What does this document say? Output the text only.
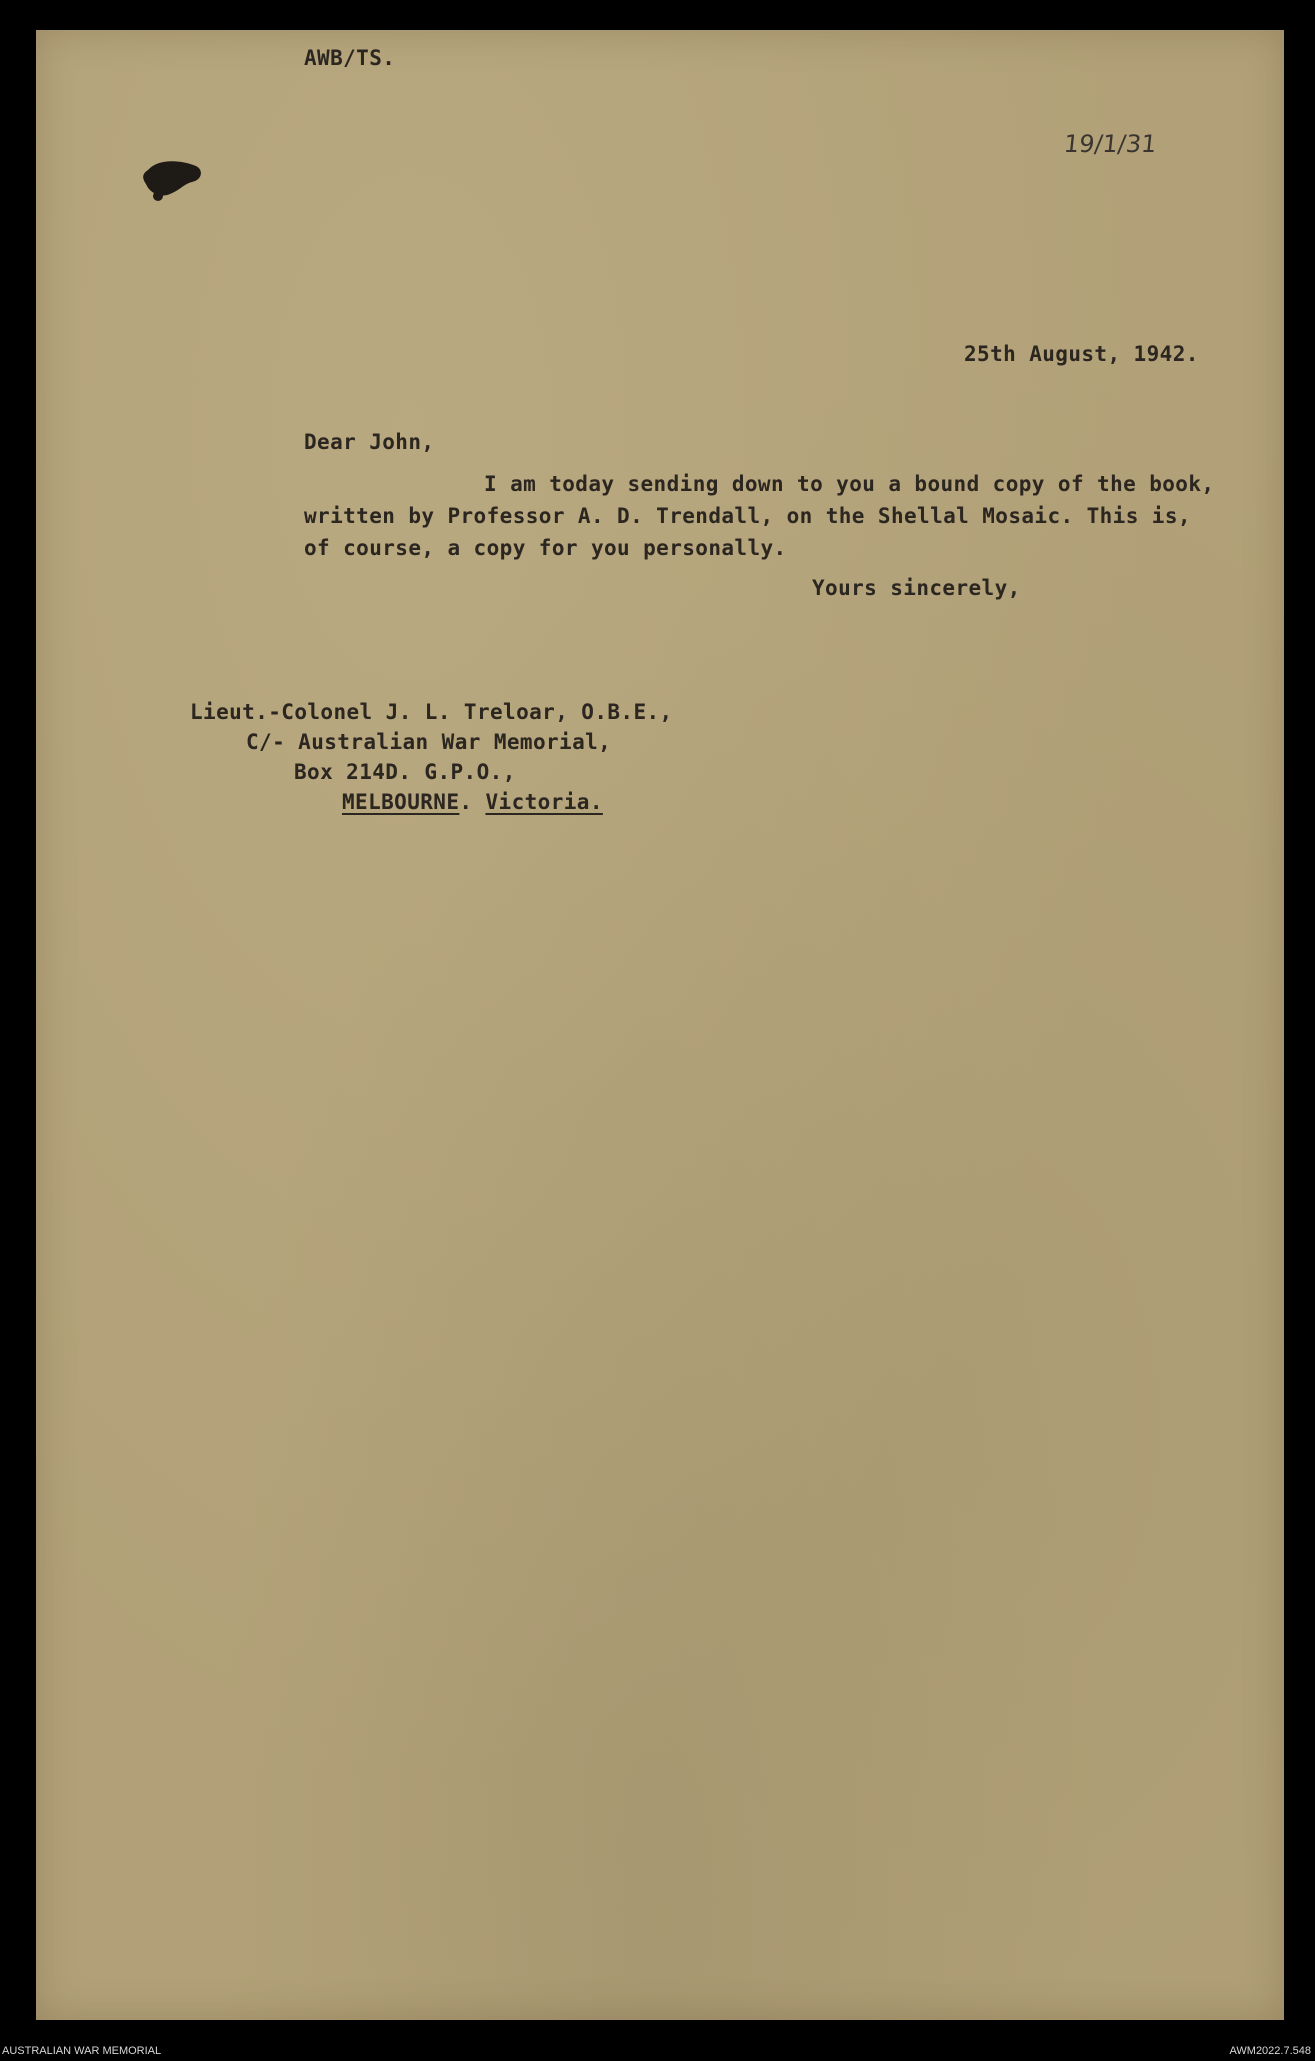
AWB/TS.
19/1/31
25th August, 1942.
Dear John,
I am today sending down to you a bound copy of the book,
written by Professor A. D. Trendall, on the Shellal Mosaic. This is,
of course, a copy for you personally.
Yours sincerely,
Lieut.-Colonel J. L. Treloar, O.B.E.,
C/- Australian War Memorial,
Box 214D. G.P.O.,
MELBOURNE. Victoria.
AUSTRALIAN WAR MEMORIAL	AWM2022.7.548
